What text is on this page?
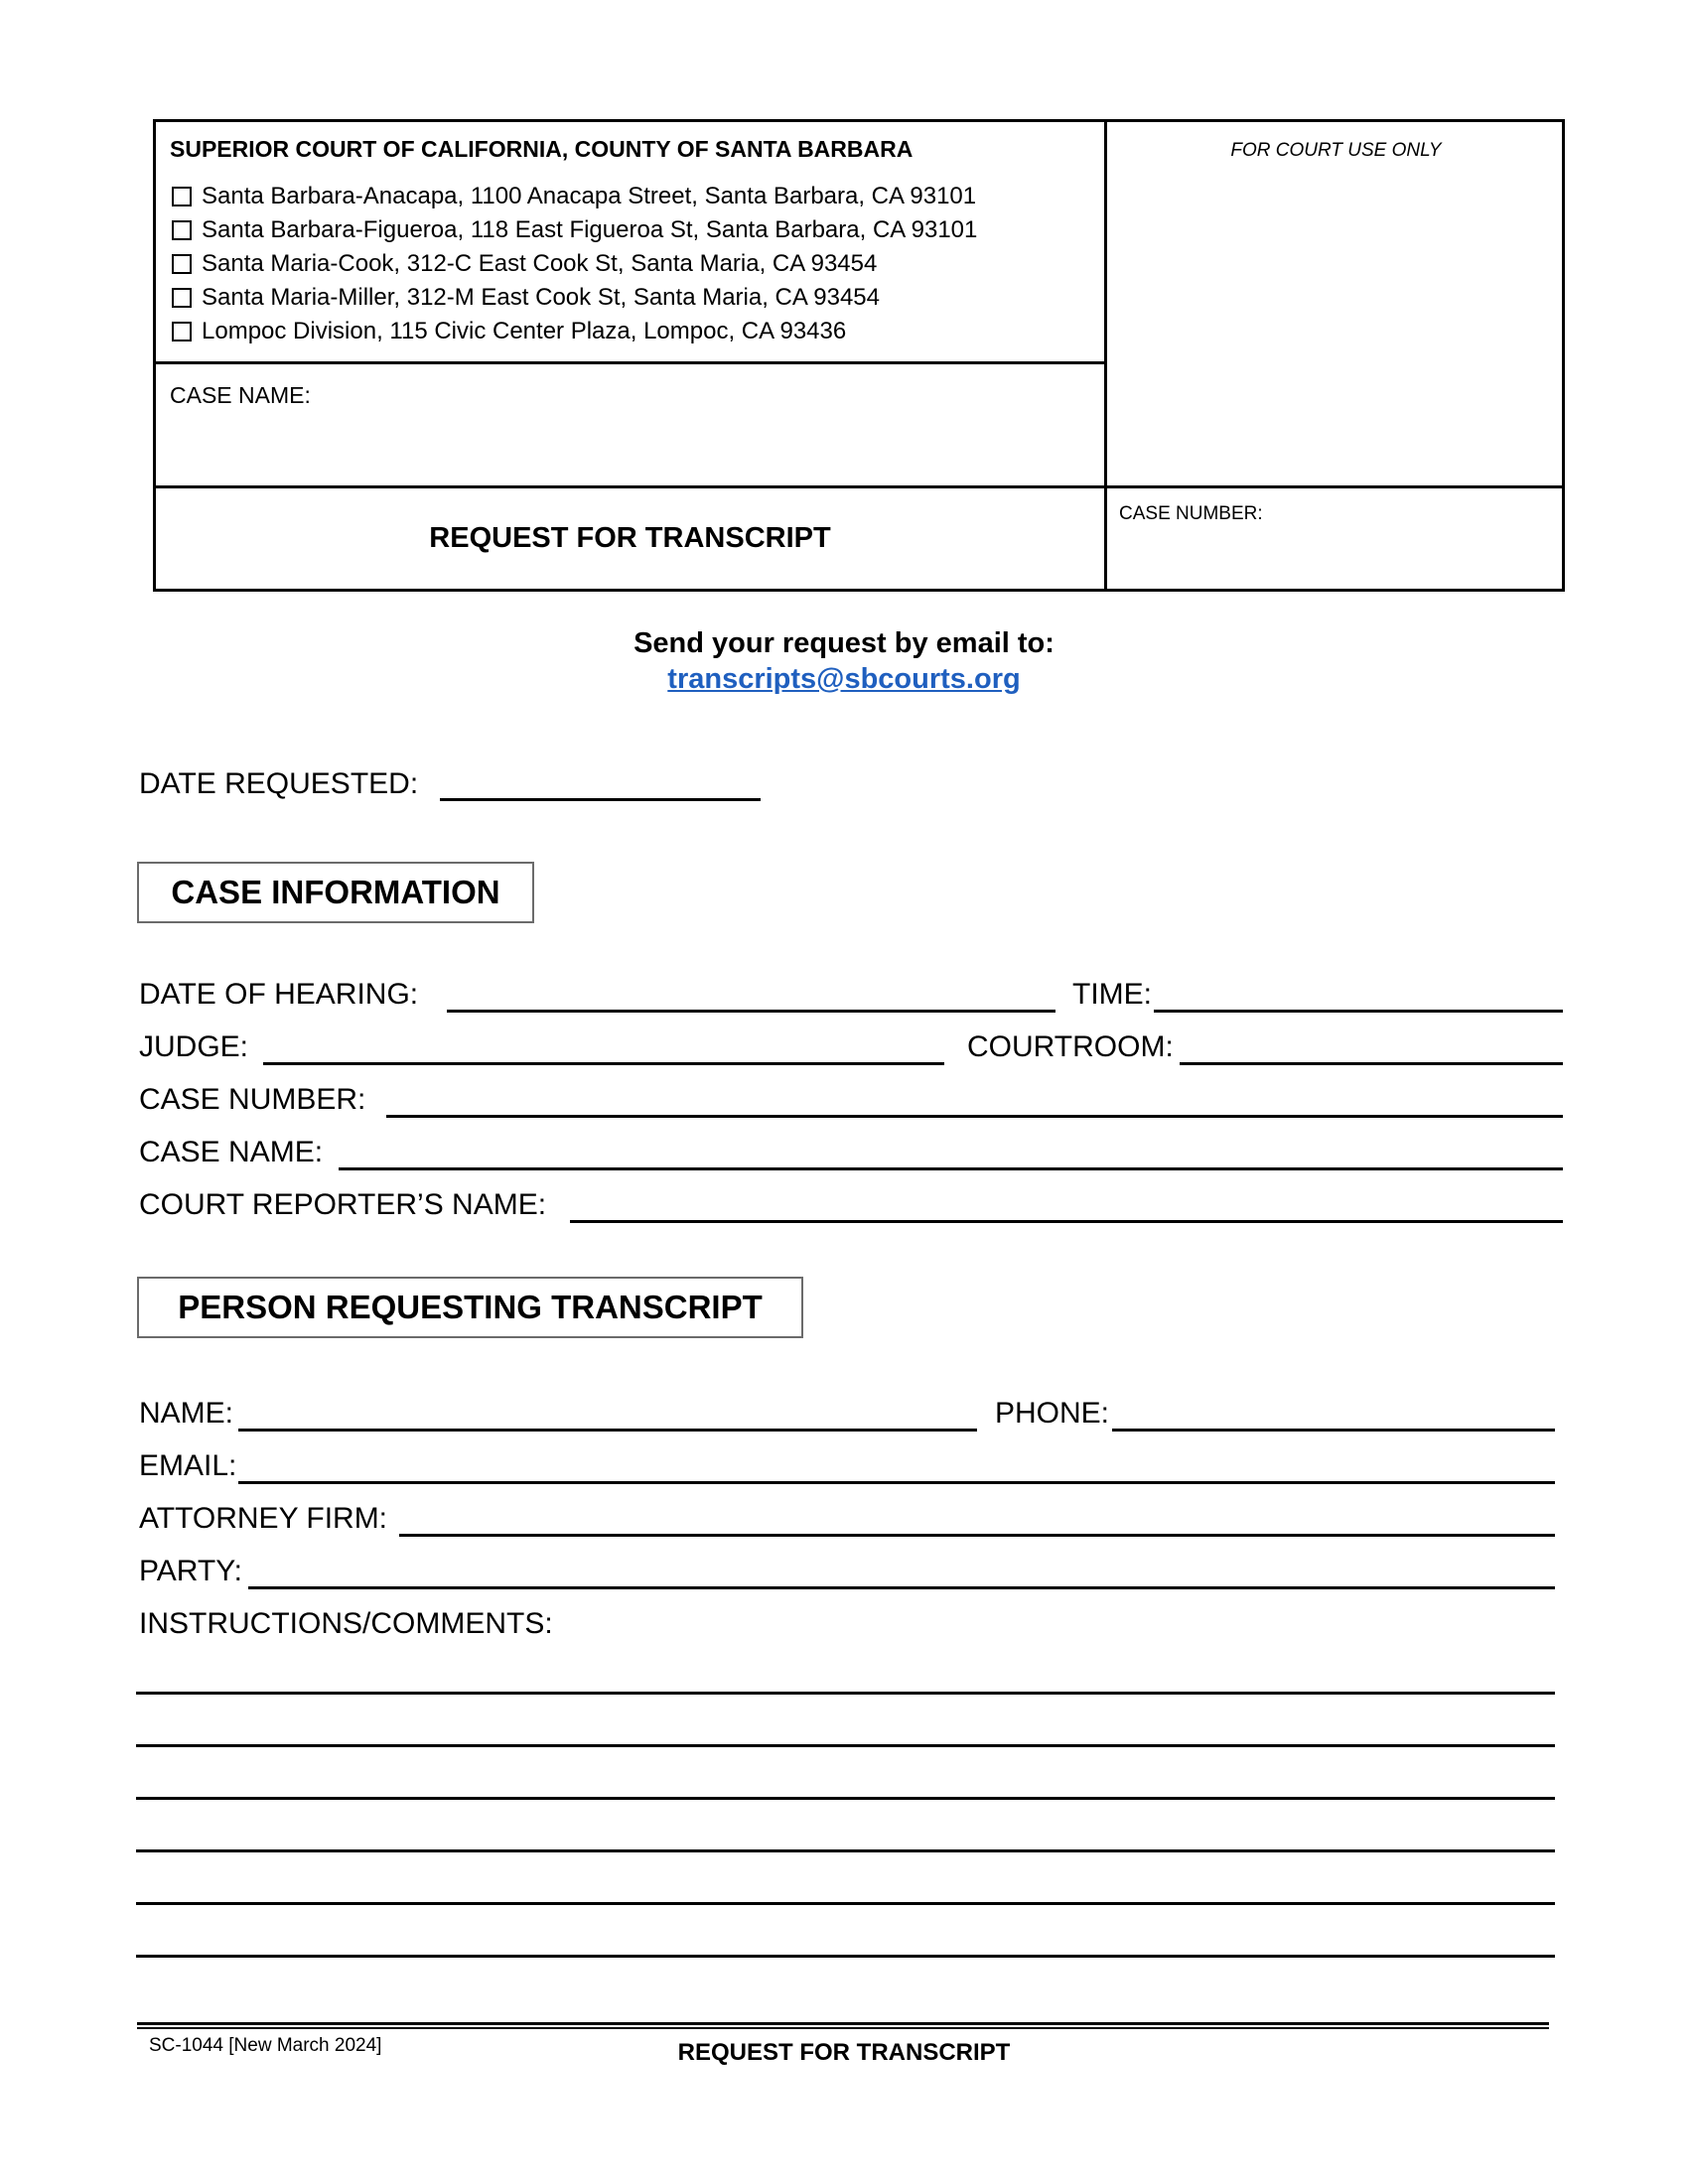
SUPERIOR COURT OF CALIFORNIA, COUNTY OF SANTA BARBARA
Santa Barbara-Anacapa, 1100 Anacapa Street, Santa Barbara, CA 93101
Santa Barbara-Figueroa, 118 East Figueroa St, Santa Barbara, CA 93101
Santa Maria-Cook, 312-C East Cook St, Santa Maria, CA 93454
Santa Maria-Miller, 312-M East Cook St, Santa Maria, CA 93454
Lompoc Division, 115 Civic Center Plaza, Lompoc, CA 93436
FOR COURT USE ONLY
CASE NAME:
REQUEST FOR TRANSCRIPT
CASE NUMBER:
Send your request by email to:
transcripts@sbcourts.org
DATE REQUESTED:
CASE INFORMATION
DATE OF HEARING:	TIME:
JUDGE:	COURTROOM:
CASE NUMBER:
CASE NAME:
COURT REPORTER’S NAME:
PERSON REQUESTING TRANSCRIPT
NAME:	PHONE:
EMAIL:
ATTORNEY FIRM:
PARTY:
INSTRUCTIONS/COMMENTS:
SC-1044 [New March 2024]	REQUEST FOR TRANSCRIPT
